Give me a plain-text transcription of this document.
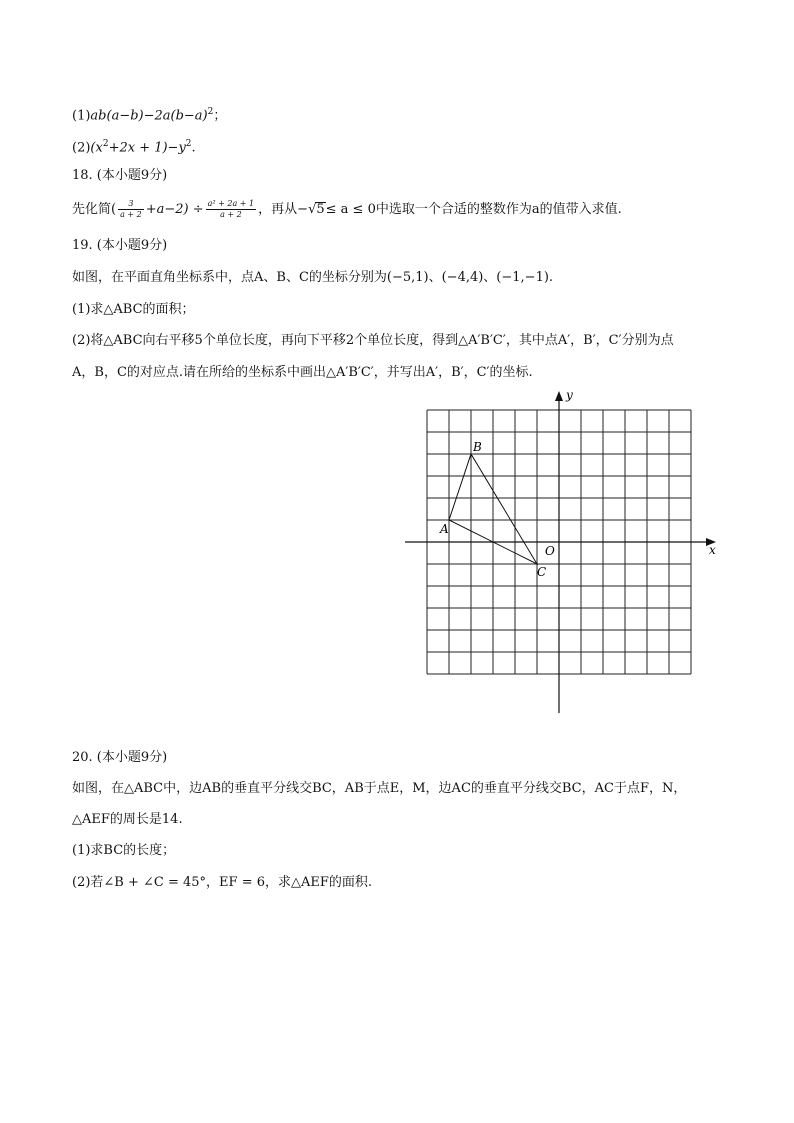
$(1)ab(a-b)-2a(b-a)^2$；
$(2)(x^2+2x + 1)-y^2$.
18. (本小题9分)
先化简( $\frac{3}{a + 2} +a-2) \div \frac{\text{a² + 2a + 1}}{a + 2}$ ，再从−√5≤ a ≤ 0中选取一个合适的整数作为a的值带入求值.
19. (本小题9分)
如图，在平面直角坐标系中，点A、B、C的坐标分别为(−5,1)、(−4,4)、(−1,−1).
(1)求△ABC的面积；
(2)将△ABC向右平移5个单位长度，再向下平移2个单位长度，得到△A′B′C′，其中点A′，B′，C′分别为点
A，B，C的对应点.请在所给的坐标系中画出△A′B′C′，并写出A′，B′，C′的坐标.
x
y
O
A
B
C
20. (本小题9分)
如图，在△ABC中，边AB的垂直平分线交BC，AB于点E，M，边AC的垂直平分线交BC，AC于点F，N，
△AEF的周长是14.
(1)求BC的长度；
(2)若∠B + ∠C = 45°，EF = 6，求△AEF的面积.
